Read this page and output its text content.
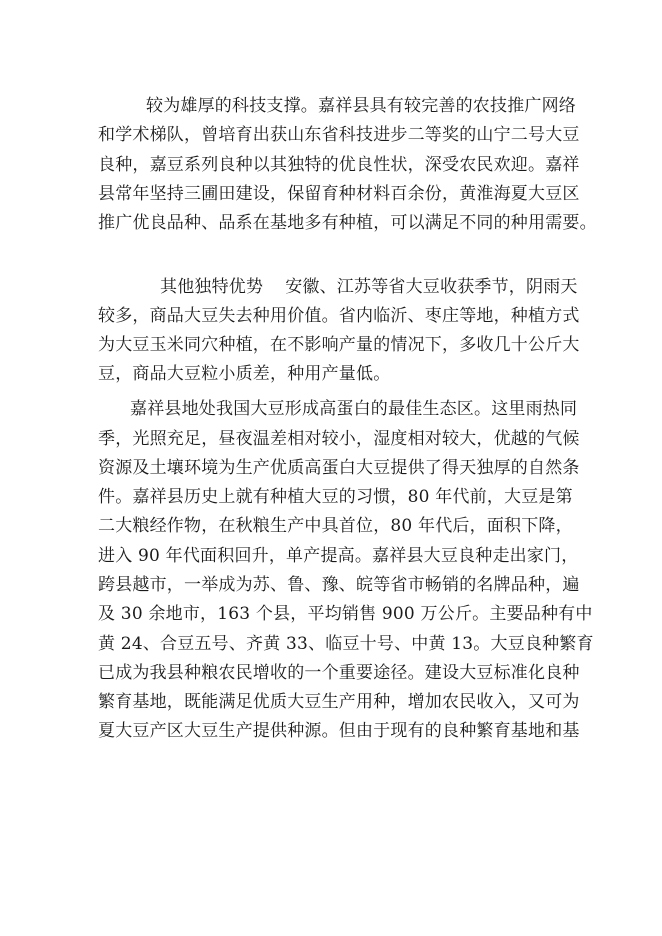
较为雄厚的科技支撑。嘉祥县具有较完善的农技推广网络
和学术梯队，曾培育出获山东省科技进步二等奖的山宁二号大豆
良种，嘉豆系列良种以其独特的优良性状，深受农民欢迎。嘉祥
县常年坚持三圃田建设，保留育种材料百余份，黄淮海夏大豆区
推广优良品种、品系在基地多有种植，可以满足不同的种用需要。
其他独特优势 安徽、江苏等省大豆收获季节，阴雨天
较多，商品大豆失去种用价值。省内临沂、枣庄等地，种植方式
为大豆玉米同穴种植，在不影响产量的情况下，多收几十公斤大
豆，商品大豆粒小质差，种用产量低。
嘉祥县地处我国大豆形成高蛋白的最佳生态区。这里雨热同
季，光照充足，昼夜温差相对较小，湿度相对较大，优越的气候
资源及土壤环境为生产优质高蛋白大豆提供了得天独厚的自然条
件。嘉祥县历史上就有种植大豆的习惯，80 年代前，大豆是第
二大粮经作物，在秋粮生产中具首位，80 年代后，面积下降，
进入 90 年代面积回升，单产提高。嘉祥县大豆良种走出家门，
跨县越市，一举成为苏、鲁、豫、皖等省市畅销的名牌品种，遍
及 30 余地市，163 个县，平均销售 900 万公斤。主要品种有中
黄 24、合豆五号、齐黄 33、临豆十号、中黄 13。大豆良种繁育
已成为我县种粮农民增收的一个重要途径。建设大豆标准化良种
繁育基地，既能满足优质大豆生产用种，增加农民收入，又可为
夏大豆产区大豆生产提供种源。但由于现有的良种繁育基地和基
